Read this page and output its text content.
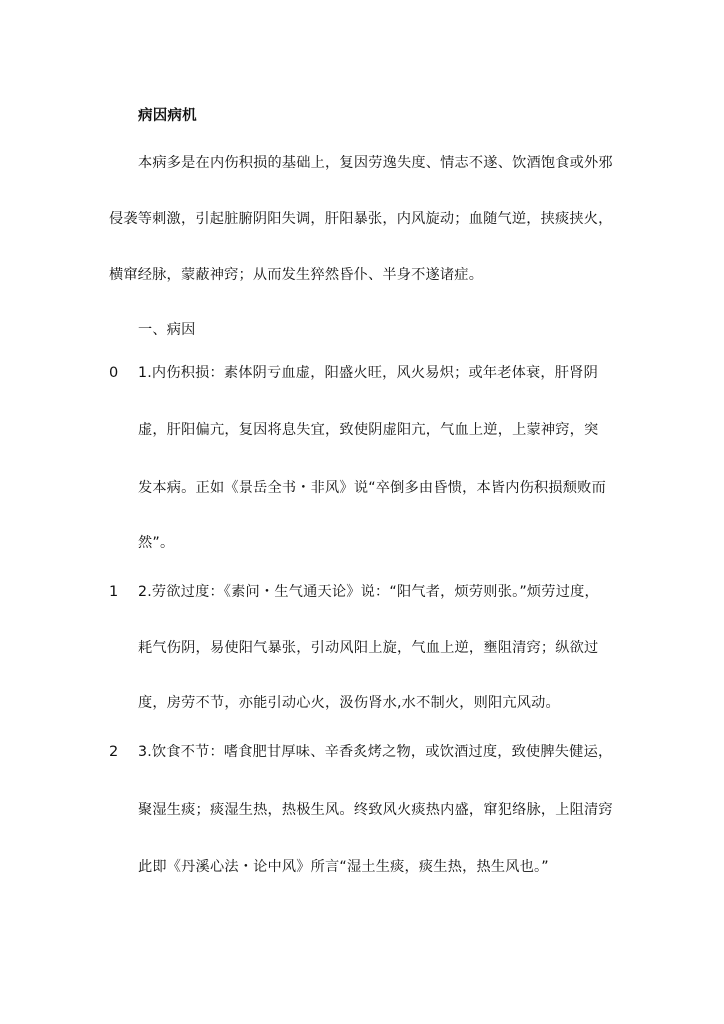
病因病机
本病多是在内伤积损的基础上，复因劳逸失度、情志不遂、饮酒饱食或外邪
侵袭等刺激，引起脏腑阴阳失调，肝阳暴张，内风旋动；血随气逆，挟痰挟火，
横窜经脉，蒙蔽神窍；从而发生猝然昏仆、半身不遂诸症。
一、病因
0 1.内伤积损：素体阴亏血虚，阳盛火旺，风火易炽；或年老体衰，肝肾阴
虚，肝阳偏亢，复因将息失宜，致使阴虚阳亢，气血上逆，上蒙神窍，突
发本病。正如《景岳全书・非风》说“卒倒多由昏愦，本皆内伤积损颓败而
然”。
1 2.劳欲过度：《素问・生气通天论》说：“阳气者，烦劳则张。”烦劳过度，
耗气伤阴，易使阳气暴张，引动风阳上旋，气血上逆，壅阻清窍；纵欲过
度，房劳不节，亦能引动心火，汲伤肾水,水不制火，则阳亢风动。
2 3.饮食不节：嗜食肥甘厚味、辛香炙烤之物，或饮酒过度，致使脾失健运，
聚湿生痰；痰湿生热，热极生风。终致风火痰热内盛，窜犯络脉，上阻清窍
此即《丹溪心法・论中风》所言“湿土生痰，痰生热，热生风也。”
